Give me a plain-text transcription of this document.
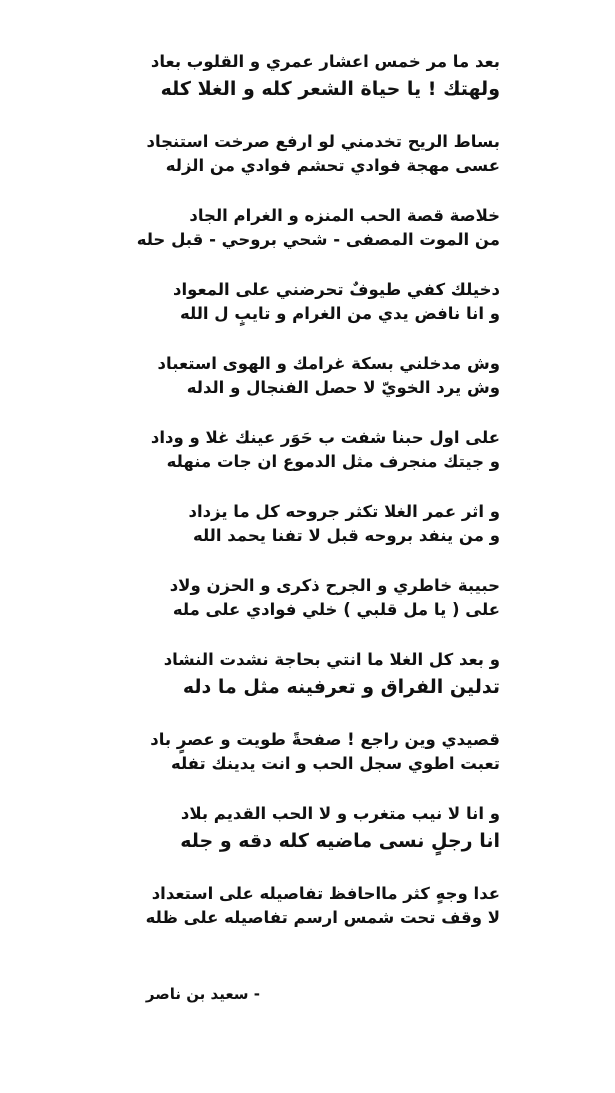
بعد ما مر خمس اعشار عمري و القلوب بعاد
ولهتك ! يا حياة الشعر كله و الغلا كله
بساط الريح تخدمني لو ارفع صرخت استنجاد
عسى مهجة فوادي تحشم فوادي من الزله
خلاصة قصة الحب المنزه و الغرام الجاد
من الموت المصفى - شحي بروحي - قبل حله
دخيلك كفي طيوفٌ تحرضني على المعواد
و انا نافض يدي من الغرام و تايبٍ ل الله
وش مدخلني بسكة غرامك و الهوى استعباد
وش يرد الخويّ لا حصل الفنجال و الدله
على اول حبنا شفت ب حَوَر عينك غلا و وداد
و جيتك منجرف مثل الدموع ان جات منهله
و اثر عمر الغلا تكثر جروحه كل ما يزداد
و من ينفد بروحه قبل لا تفنا يحمد الله
حبيبة خاطري و الجرح ذكرى و الحزن ولاد
على ( يا مل قلبي ) خلي فوادي على مله
و بعد كل الغلا ما انتي بحاجة نشدت النشاد
تدلين الفراق و تعرفينه مثل ما دله
قصيدي وين راجع ! صفحةً طويت و عصرٍ باد
تعبت اطوي سجل الحب و انت يدينك تفله
و انا لا نيب متغرب و لا الحب القديم بلاد
انا رجلٍ نسى ماضيه كله دقه و جله
عدا وجهٍ كثر مااحافظ تفاصيله على استعداد
لا وقف تحت شمس ارسم تفاصيله على ظله
- سعيد بن ناصر
